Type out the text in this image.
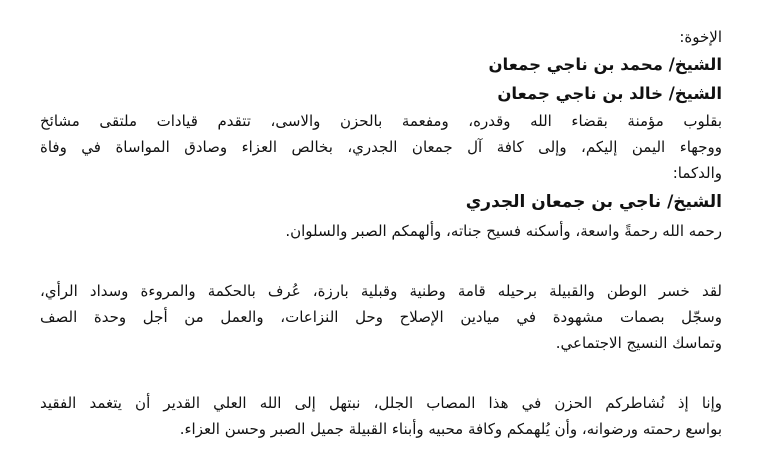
الإخوة:
الشيخ/ محمد بن ناجي جمعان
الشيخ/ خالد بن ناجي جمعان
بقلوب مؤمنة بقضاء الله وقدره، ومفعمة بالحزن والاسى، تتقدم قيادات ملتقى مشائخ
ووجهاء اليمن إليكم، وإلى كافة آل جمعان الجدري، بخالص العزاء وصادق المواساة في وفاة
والدكما:
الشيخ/ ناجي بن جمعان الجدري
رحمه الله رحمةً واسعة، وأسكنه فسيح جناته، وألهمكم الصبر والسلوان.
لقد خسر الوطن والقبيلة برحيله قامة وطنية وقبلية بارزة، عُرف بالحكمة والمروءة وسداد الرأي،
وسجّل بصمات مشهودة في ميادين الإصلاح وحل النزاعات، والعمل من أجل وحدة الصف
وتماسك النسيج الاجتماعي.
وإنا إذ نُشاطركم الحزن في هذا المصاب الجلل، نبتهل إلى الله العلي القدير أن يتغمد الفقيد
بواسع رحمته ورضوانه، وأن يُلهمكم وكافة محبيه وأبناء القبيلة جميل الصبر وحسن العزاء.
